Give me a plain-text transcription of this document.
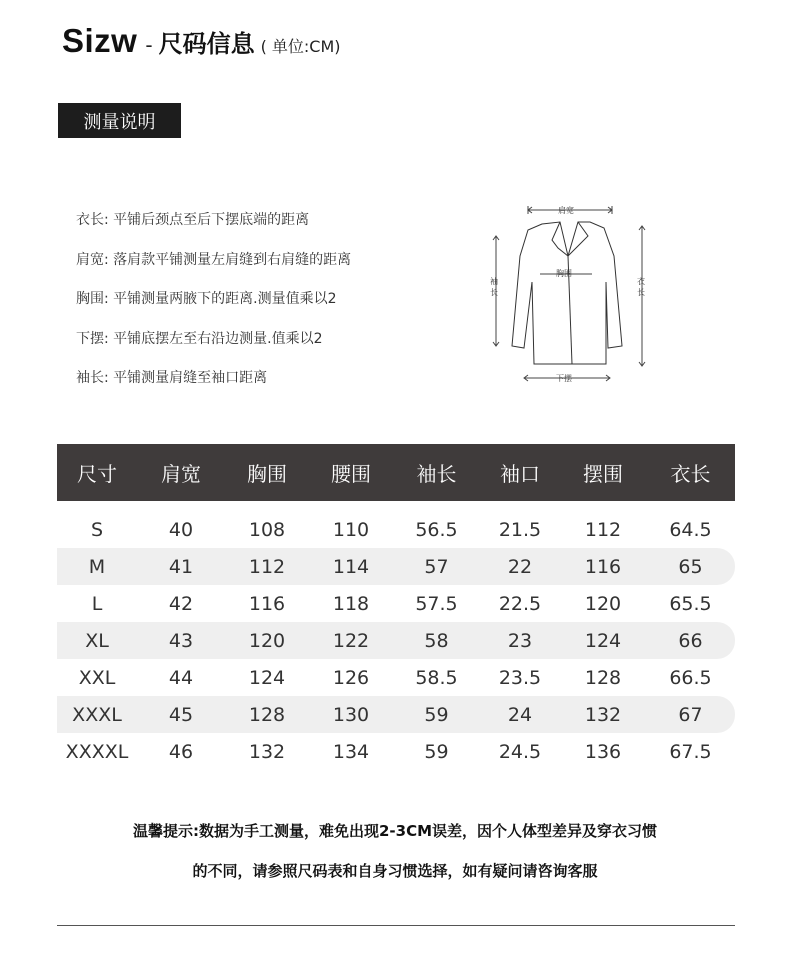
Sizw - 尺码信息 ( 单位:CM)
测量说明
衣长: 平铺后颈点至后下摆底端的距离
肩宽: 落肩款平铺测量左肩缝到右肩缝的距离
胸围: 平铺测量两腋下的距离.测量值乘以2
下摆: 平铺底摆左至右沿边测量.值乘以2
袖长: 平铺测量肩缝至袖口距离
肩宽
胸围
袖
长
衣
长
下摆
尺寸	肩宽	胸围	腰围	袖长	袖口	摆围	衣长
S	40	108	110	56.5	21.5	112	64.5
M	41	112	114	57	22	116	65
L	42	116	118	57.5	22.5	120	65.5
XL	43	120	122	58	23	124	66
XXL	44	124	126	58.5	23.5	128	66.5
XXXL	45	128	130	59	24	132	67
XXXXL	46	132	134	59	24.5	136	67.5
温馨提示:数据为手工测量，难免出现2-3CM误差，因个人体型差异及穿衣习惯
的不同，请参照尺码表和自身习惯选择，如有疑问请咨询客服
